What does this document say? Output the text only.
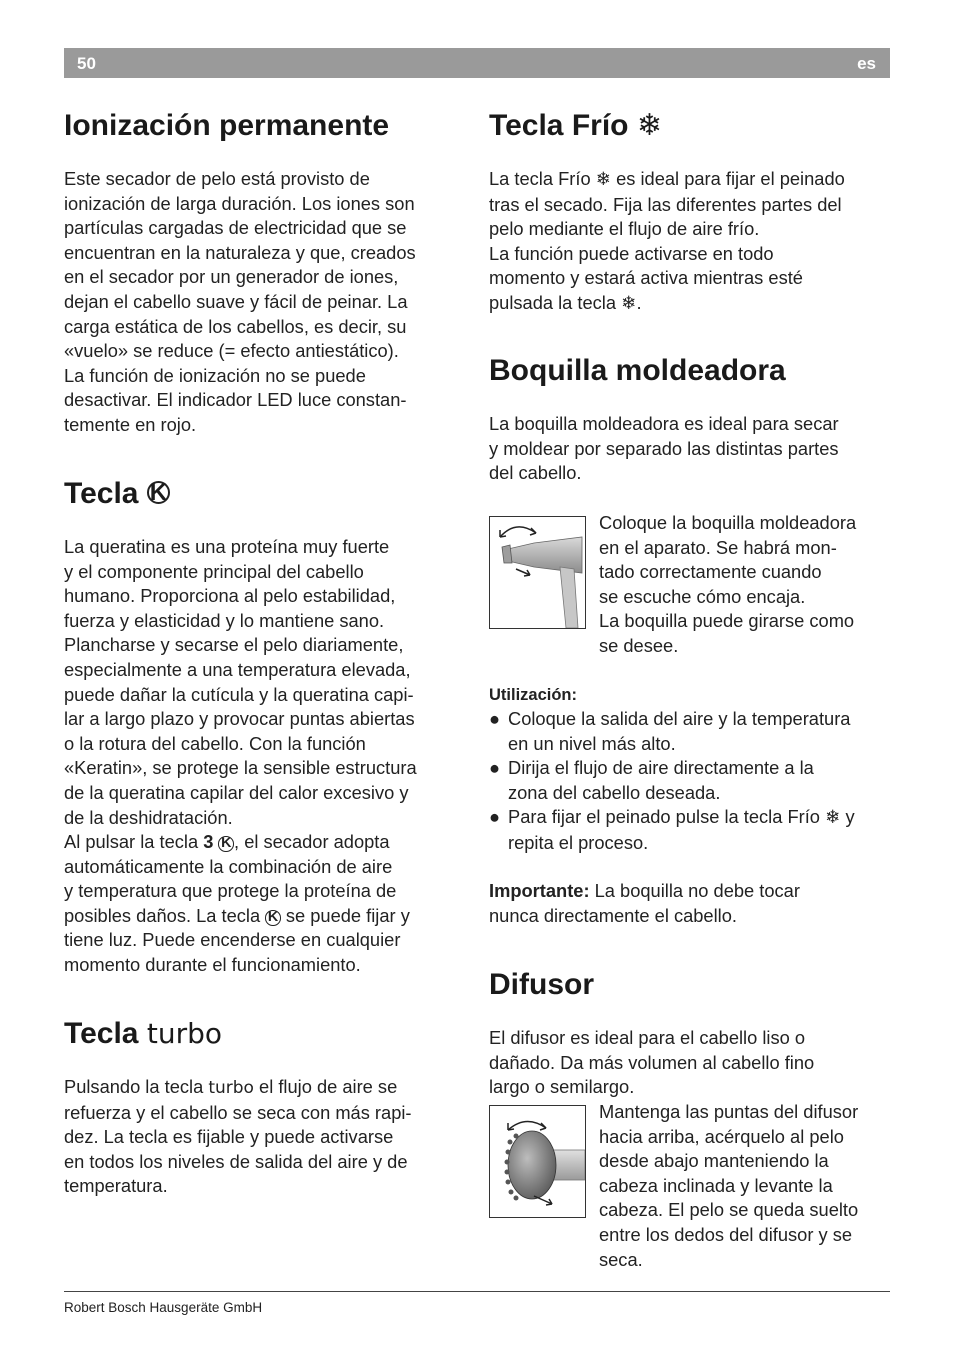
50	es
Ionización permanente

Este secador de pelo está provisto de
ionización de larga duración. Los iones son
partículas cargadas de electricidad que se
encuentran en la naturaleza y que, creados
en el secador por un generador de iones,
dejan el cabello suave y fácil de peinar. La
carga estática de los cabellos, es decir, su
«vuelo» se reduce (= efecto antiestático).
La función de ionización no se puede
desactivar. El indicador LED luce constan-
temente en rojo.

Tecla K

La queratina es una proteína muy fuerte
y el componente principal del cabello
humano. Proporciona al pelo estabilidad,
fuerza y elasticidad y lo mantiene sano.
Plancharse y secarse el pelo diariamente,
especialmente a una temperatura elevada,
puede dañar la cutícula y la queratina capi-
lar a largo plazo y provocar puntas abiertas
o la rotura del cabello. Con la función
«Keratin», se protege la sensible estructura
de la queratina capilar del calor excesivo y
de la deshidratación.

Al pulsar la tecla 3 K , el secador adopta
automáticamente la combinación de aire
y temperatura que protege la proteína de
posibles daños. La tecla K se puede fijar y
tiene luz. Puede encenderse en cualquier
momento durante el funcionamiento.

Tecla turbo

Pulsando la tecla turbo el flujo de aire se
refuerza y el cabello se seca con más rapi-
dez. La tecla es fijable y puede activarse
en todos los niveles de salida del aire y de
temperatura.

Tecla Frío ❄

La tecla Frío ❄ es ideal para fijar el peinado
tras el secado. Fija las diferentes partes del
pelo mediante el flujo de aire frío.
La función puede activarse en todo
momento y estará activa mientras esté
pulsada la tecla ❄.

Boquilla moldeadora

La boquilla moldeadora es ideal para secar
y moldear por separado las distintas partes
del cabello.

Coloque la boquilla moldeadora
en el aparato. Se habrá mon-
tado correctamente cuando
se escuche cómo encaja.
La boquilla puede girarse como
se desee.

Utilización:

● Coloque la salida del aire y la temperatura
en un nivel más alto.
● Dirija el flujo de aire directamente a la
zona del cabello deseada.
● Para fijar el peinado pulse la tecla Frío ❄ y
repita el proceso.

Importante: La boquilla no debe tocar
nunca directamente el cabello.

Difusor

El difusor es ideal para el cabello liso o
dañado. Da más volumen al cabello fino
largo o semilargo.

Mantenga las puntas del difusor
hacia arriba, acérquelo al pelo
desde abajo manteniendo la
cabeza inclinada y levante la
cabeza. El pelo se queda suelto
entre los dedos del difusor y se
seca.

Robert Bosch Hausgeräte GmbH
